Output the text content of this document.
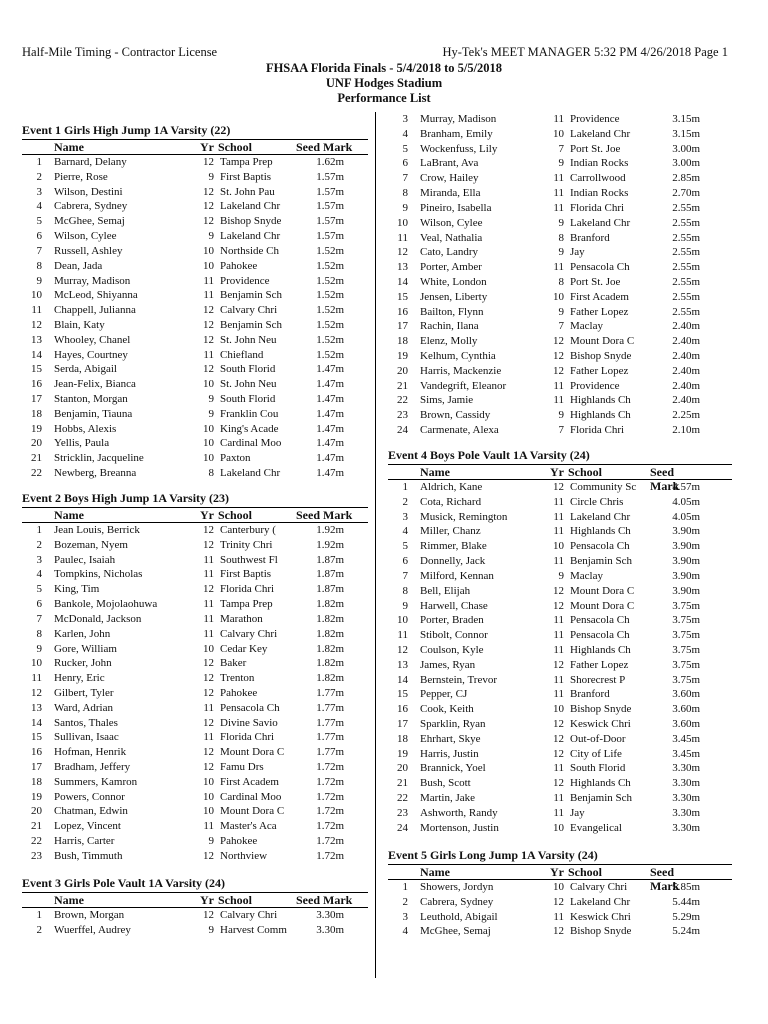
Half-Mile Timing - Contractor License	Hy-Tek's MEET MANAGER 5:32 PM 4/26/2018 Page 1
FHSAA Florida Finals - 5/4/2018 to 5/5/2018
UNF Hodges Stadium
Performance List
Event 1 Girls High Jump 1A Varsity (22)
Name	Yr School	Seed Mark
1	Barnard, Delany	12 Tampa Prep	1.62m
2	Pierre, Rose	9 First Baptis	1.57m
3	Wilson, Destini	12 St. John Pau	1.57m
4	Cabrera, Sydney	12 Lakeland Chr	1.57m
5	McGhee, Semaj	12 Bishop Snyde	1.57m
6	Wilson, Cylee	9 Lakeland Chr	1.57m
7	Russell, Ashley	10 Northside Ch	1.52m
8	Dean, Jada	10 Pahokee	1.52m
9	Murray, Madison	11 Providence	1.52m
10	McLeod, Shiyanna	11 Benjamin Sch	1.52m
11	Chappell, Julianna	12 Calvary Chri	1.52m
12	Blain, Katy	12 Benjamin Sch	1.52m
13	Whooley, Chanel	12 St. John Neu	1.52m
14	Hayes, Courtney	11 Chiefland	1.52m
15	Serda, Abigail	12 South Florid	1.47m
16	Jean-Felix, Bianca	10 St. John Neu	1.47m
17	Stanton, Morgan	9 South Florid	1.47m
18	Benjamin, Tiauna	9 Franklin Cou	1.47m
19	Hobbs, Alexis	10 King's Acade	1.47m
20	Yellis, Paula	10 Cardinal Moo	1.47m
21	Stricklin, Jacqueline	10 Paxton	1.47m
22	Newberg, Breanna	8 Lakeland Chr	1.47m
Event 2 Boys High Jump 1A Varsity (23)
Name	Yr School	Seed Mark
1	Jean Louis, Berrick	12 Canterbury (	1.92m
2	Bozeman, Nyem	12 Trinity Chri	1.92m
3	Paulec, Isaiah	11 Southwest Fl	1.87m
4	Tompkins, Nicholas	11 First Baptis	1.87m
5	King, Tim	12 Florida Chri	1.87m
6	Bankole, Mojolaohuwa	11 Tampa Prep	1.82m
7	McDonald, Jackson	11 Marathon	1.82m
8	Karlen, John	11 Calvary Chri	1.82m
9	Gore, William	10 Cedar Key	1.82m
10	Rucker, John	12 Baker	1.82m
11	Henry, Eric	12 Trenton	1.82m
12	Gilbert, Tyler	12 Pahokee	1.77m
13	Ward, Adrian	11 Pensacola Ch	1.77m
14	Santos, Thales	12 Divine Savio	1.77m
15	Sullivan, Isaac	11 Florida Chri	1.77m
16	Hofman, Henrik	12 Mount Dora C	1.77m
17	Bradham, Jeffery	12 Famu Drs	1.72m
18	Summers, Kamron	10 First Academ	1.72m
19	Powers, Connor	10 Cardinal Moo	1.72m
20	Chatman, Edwin	10 Mount Dora C	1.72m
21	Lopez, Vincent	11 Master's Aca	1.72m
22	Harris, Carter	9 Pahokee	1.72m
23	Bush, Timmuth	12 Northview	1.72m
Event 3 Girls Pole Vault 1A Varsity (24)
Name	Yr School	Seed Mark
1	Brown, Morgan	12 Calvary Chri	3.30m
2	Wuerffel, Audrey	9 Harvest Comm	3.30m
3	Murray, Madison	11 Providence	3.15m
4	Branham, Emily	10 Lakeland Chr	3.15m
5	Wockenfuss, Lily	7 Port St. Joe	3.00m
6	LaBrant, Ava	9 Indian Rocks	3.00m
7	Crow, Hailey	11 Carrollwood	2.85m
8	Miranda, Ella	11 Indian Rocks	2.70m
9	Pineiro, Isabella	11 Florida Chri	2.55m
10	Wilson, Cylee	9 Lakeland Chr	2.55m
11	Veal, Nathalia	8 Branford	2.55m
12	Cato, Landry	9 Jay	2.55m
13	Porter, Amber	11 Pensacola Ch	2.55m
14	White, London	8 Port St. Joe	2.55m
15	Jensen, Liberty	10 First Academ	2.55m
16	Bailton, Flynn	9 Father Lopez	2.55m
17	Rachin, Ilana	7 Maclay	2.40m
18	Elenz, Molly	12 Mount Dora C	2.40m
19	Kelhum, Cynthia	12 Bishop Snyde	2.40m
20	Harris, Mackenzie	12 Father Lopez	2.40m
21	Vandegrift, Eleanor	11 Providence	2.40m
22	Sims, Jamie	11 Highlands Ch	2.40m
23	Brown, Cassidy	9 Highlands Ch	2.25m
24	Carmenate, Alexa	7 Florida Chri	2.10m
Event 4 Boys Pole Vault 1A Varsity (24)
Name	Yr School	Seed Mark
1	Aldrich, Kane	12 Community Sc	4.57m
2	Cota, Richard	11 Circle Chris	4.05m
3	Musick, Remington	11 Lakeland Chr	4.05m
4	Miller, Chanz	11 Highlands Ch	3.90m
5	Rimmer, Blake	10 Pensacola Ch	3.90m
6	Donnelly, Jack	11 Benjamin Sch	3.90m
7	Milford, Kennan	9 Maclay	3.90m
8	Bell, Elijah	12 Mount Dora C	3.90m
9	Harwell, Chase	12 Mount Dora C	3.75m
10	Porter, Braden	11 Pensacola Ch	3.75m
11	Stibolt, Connor	11 Pensacola Ch	3.75m
12	Coulson, Kyle	11 Highlands Ch	3.75m
13	James, Ryan	12 Father Lopez	3.75m
14	Bernstein, Trevor	11 Shorecrest P	3.75m
15	Pepper, CJ	11 Branford	3.60m
16	Cook, Keith	10 Bishop Snyde	3.60m
17	Sparklin, Ryan	12 Keswick Chri	3.60m
18	Ehrhart, Skye	12 Out-of-Door	3.45m
19	Harris, Justin	12 City of Life	3.45m
20	Brannick, Yoel	11 South Florid	3.30m
21	Bush, Scott	12 Highlands Ch	3.30m
22	Martin, Jake	11 Benjamin Sch	3.30m
23	Ashworth, Randy	11 Jay	3.30m
24	Mortenson, Justin	10 Evangelical	3.30m
Event 5 Girls Long Jump 1A Varsity (24)
Name	Yr School	Seed Mark
1	Showers, Jordyn	10 Calvary Chri	5.85m
2	Cabrera, Sydney	12 Lakeland Chr	5.44m
3	Leuthold, Abigail	11 Keswick Chri	5.29m
4	McGhee, Semaj	12 Bishop Snyde	5.24m
